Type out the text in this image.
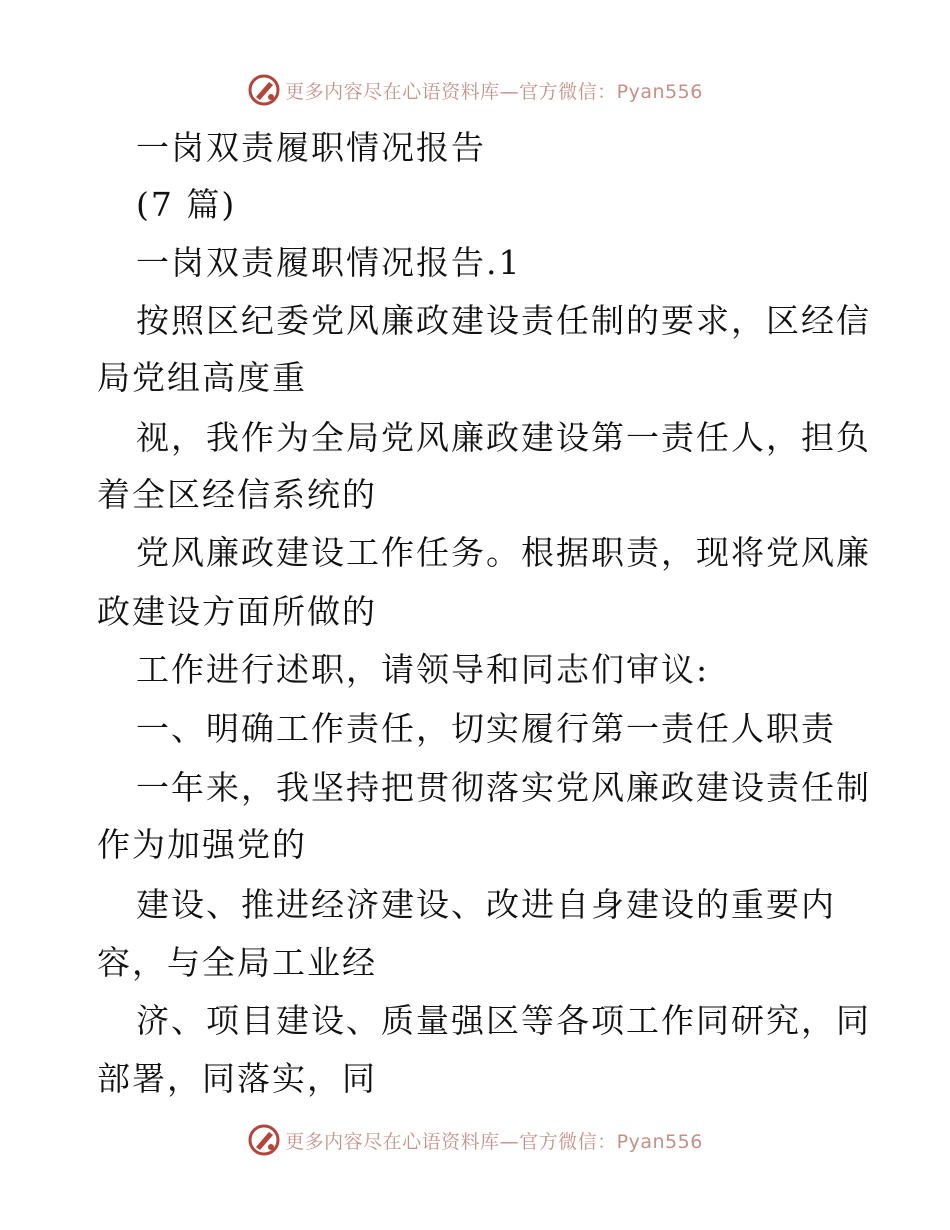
更多内容尽在心语资料库—官方微信：Pyan556
一岗双责履职情况报告
(7 篇)
一岗双责履职情况报告.1
按照区纪委党风廉政建设责任制的要求，区经信
局党组高度重
视，我作为全局党风廉政建设第一责任人，担负
着全区经信系统的
党风廉政建设工作任务。根据职责，现将党风廉
政建设方面所做的
工作进行述职，请领导和同志们审议:
一、明确工作责任，切实履行第一责任人职责
一年来，我坚持把贯彻落实党风廉政建设责任制
作为加强党的
建设、推进经济建设、改进自身建设的重要内
容，与全局工业经
济、项目建设、质量强区等各项工作同研究，同
部署，同落实，同
更多内容尽在心语资料库—官方微信：Pyan556
